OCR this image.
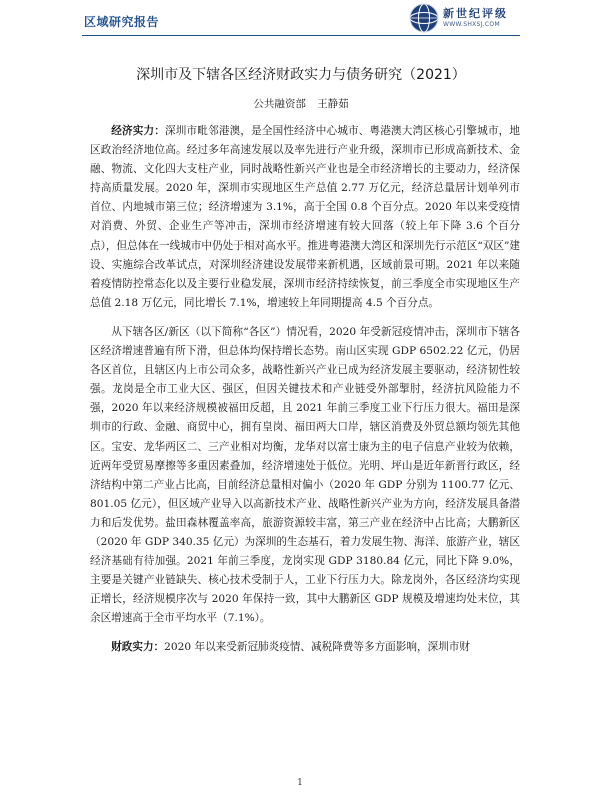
区域研究报告
新世纪评级
WWW.SHXSJ.COM
深圳市及下辖各区经济财政实力与债务研究（2021）
公共融资部 王静茹

经济实力：深圳市毗邻港澳，是全国性经济中心城市、粤港澳大湾区核心引擎城市，地区政治经济地位高。经过多年高速发展以及率先进行产业升级，深圳市已形成高新技术、金融、物流、文化四大支柱产业，同时战略性新兴产业也是全市经济增长的主要动力，经济保持高质量发展。2020 年，深圳市实现地区生产总值 2.77 万亿元，经济总量居计划单列市首位、内地城市第三位；经济增速为 3.1%，高于全国 0.8 个百分点。2020 年以来受疫情对消费、外贸、企业生产等冲击，深圳市经济增速有较大回落（较上年下降 3.6 个百分点），但总体在一线城市中仍处于相对高水平。推进粤港澳大湾区和深圳先行示范区“双区”建设、实施综合改革试点，对深圳经济建设发展带来新机遇，区域前景可期。2021 年以来随着疫情防控常态化以及主要行业稳发展，深圳市经济持续恢复，前三季度全市实现地区生产总值 2.18 万亿元，同比增长 7.1%，增速较上年同期提高 4.5 个百分点。

从下辖各区/新区（以下简称“各区”）情况看，2020 年受新冠疫情冲击，深圳市下辖各区经济增速普遍有所下滑，但总体均保持增长态势。南山区实现 GDP 6502.22 亿元，仍居各区首位，且辖区内上市公司众多，战略性新兴产业已成为经济发展主要驱动，经济韧性较强。龙岗是全市工业大区、强区，但因关键技术和产业链受外部掣肘，经济抗风险能力不强，2020 年以来经济规模被福田反超，且 2021 年前三季度工业下行压力很大。福田是深圳市的行政、金融、商贸中心，拥有皇岗、福田两大口岸，辖区消费及外贸总额均领先其他区。宝安、龙华两区二、三产业相对均衡，龙华对以富士康为主的电子信息产业较为依赖，近两年受贸易摩擦等多重因素叠加，经济增速处于低位。光明、坪山是近年新晋行政区，经济结构中第二产业占比高，目前经济总量相对偏小（2020 年 GDP 分别为 1100.77 亿元、801.05 亿元），但区域产业导入以高新技术产业、战略性新兴产业为方向，经济发展具备潜力和后发优势。盐田森林覆盖率高，旅游资源较丰富，第三产业在经济中占比高；大鹏新区（2020 年 GDP 340.35 亿元）为深圳的生态基石，着力发展生物、海洋、旅游产业，辖区经济基础有待加强。2021 年前三季度，龙岗实现 GDP 3180.84 亿元，同比下降 9.0%，主要是关键产业链缺失、核心技术受制于人，工业下行压力大。除龙岗外，各区经济均实现正增长，经济规模序次与 2020 年保持一致，其中大鹏新区 GDP 规模及增速均处末位，其余区增速高于全市平均水平（7.1%）。

财政实力：2020 年以来受新冠肺炎疫情、减税降费等多方面影响，深圳市财

1
